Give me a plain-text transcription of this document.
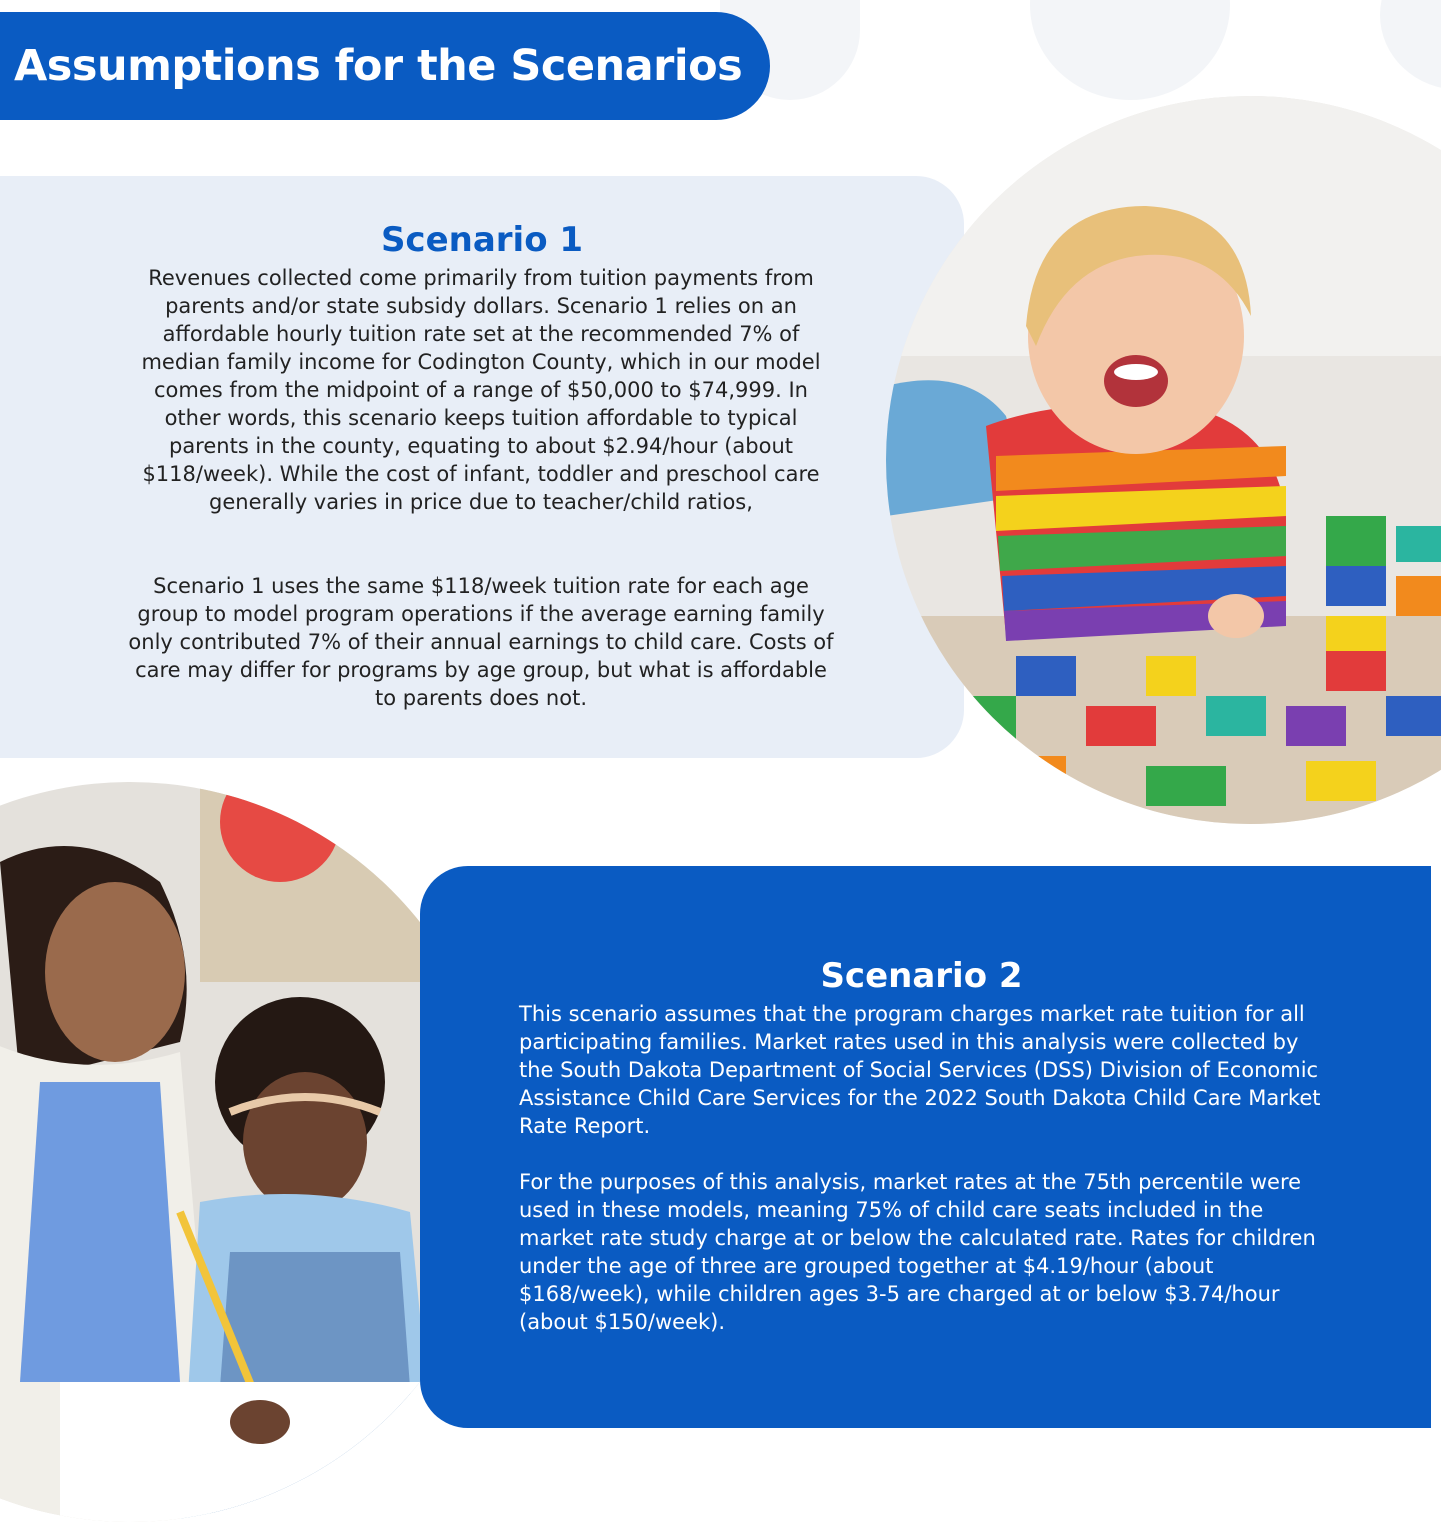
Assumptions for the Scenarios
Scenario 1

Revenues collected come primarily from tuition payments from parents and/or state subsidy dollars. Scenario 1 relies on an affordable hourly tuition rate set at the recommended 7% of median family income for Codington County, which in our model comes from the midpoint of a range of $50,000 to $74,999. In other words, this scenario keeps tuition affordable to typical parents in the county, equating to about $2.94/hour (about $118/week). While the cost of infant, toddler and preschool care generally varies in price due to teacher/child ratios,

Scenario 1 uses the same $118/week tuition rate for each age group to model program operations if the average earning family only contributed 7% of their annual earnings to child care. Costs of care may differ for programs by age group, but what is affordable to parents does not.

Scenario 2

This scenario assumes that the program charges market rate tuition for all participating families. Market rates used in this analysis were collected by the South Dakota Department of Social Services (DSS) Division of Economic Assistance Child Care Services for the 2022 South Dakota Child Care Market Rate Report.

For the purposes of this analysis, market rates at the 75th percentile were used in these models, meaning 75% of child care seats included in the market rate study charge at or below the calculated rate. Rates for children under the age of three are grouped together at $4.19/hour (about $168/week), while children ages 3-5 are charged at or below $3.74/hour (about $150/week).
